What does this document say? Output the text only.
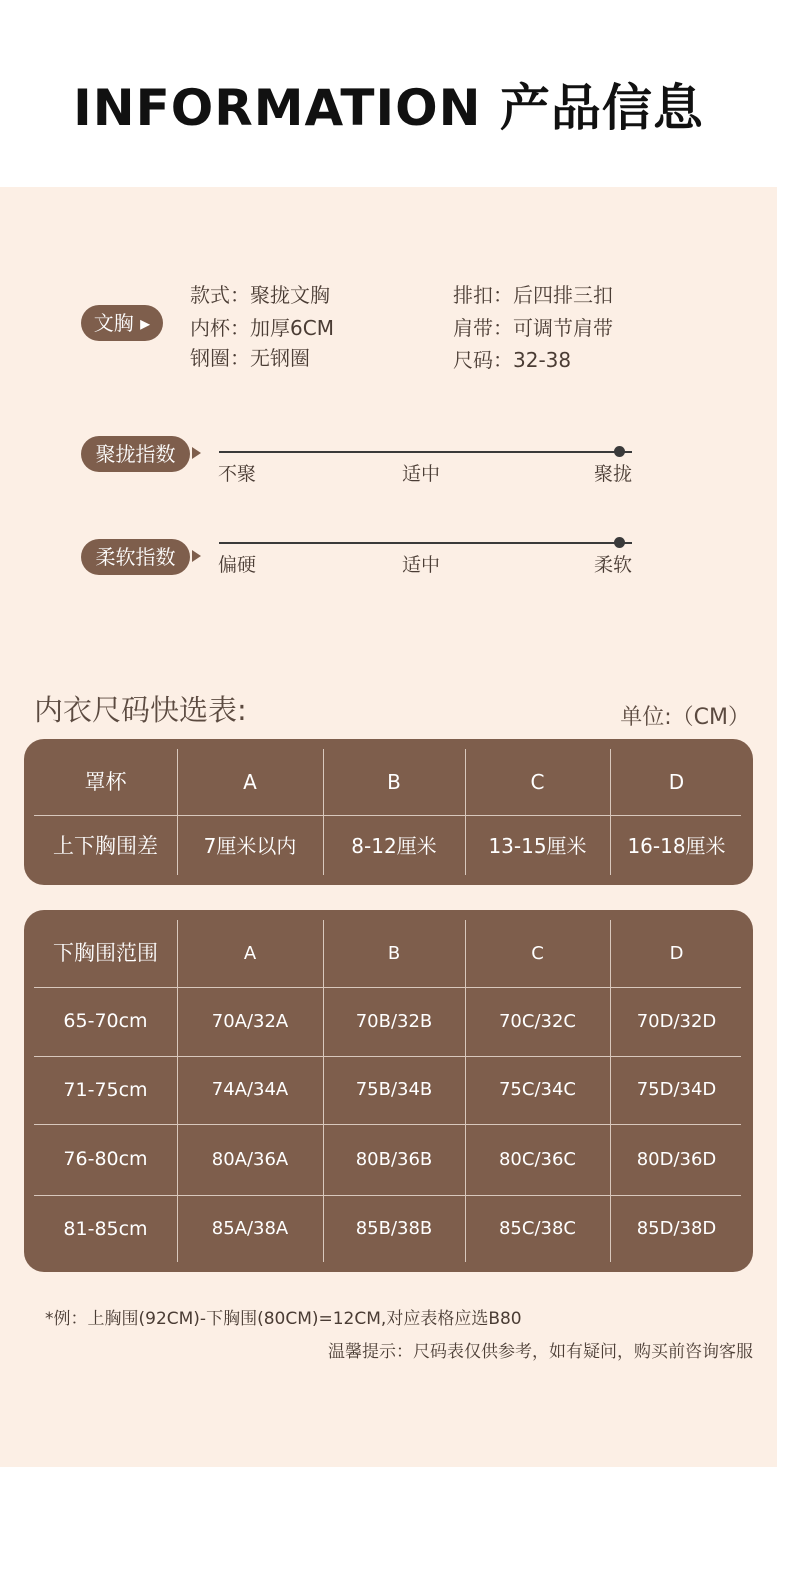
INFORMATION 产品信息
文胸 ▸
款式：聚拢文胸
内杯：加厚6CM
钢圈：无钢圈
排扣：后四排三扣
肩带：可调节肩带
尺码：32-38
聚拢指数
不聚	适中	聚拢
柔软指数	偏硬	适中	柔软
内衣尺码快选表:	单位:（CM）
罩杯	A	B	C	D
上下胸围差	7厘米以内	8-12厘米	13-15厘米	16-18厘米
下胸围范围	A	B	C	D
65-70cm	70A/32A	70B/32B	70C/32C	70D/32D
71-75cm	74A/34A	75B/34B	75C/34C	75D/34D
76-80cm	80A/36A	80B/36B	80C/36C	80D/36D
81-85cm	85A/38A	85B/38B	85C/38C	85D/38D
*例：上胸围(92CM)-下胸围(80CM)=12CM,对应表格应选B80
温馨提示：尺码表仅供参考，如有疑问，购买前咨询客服
